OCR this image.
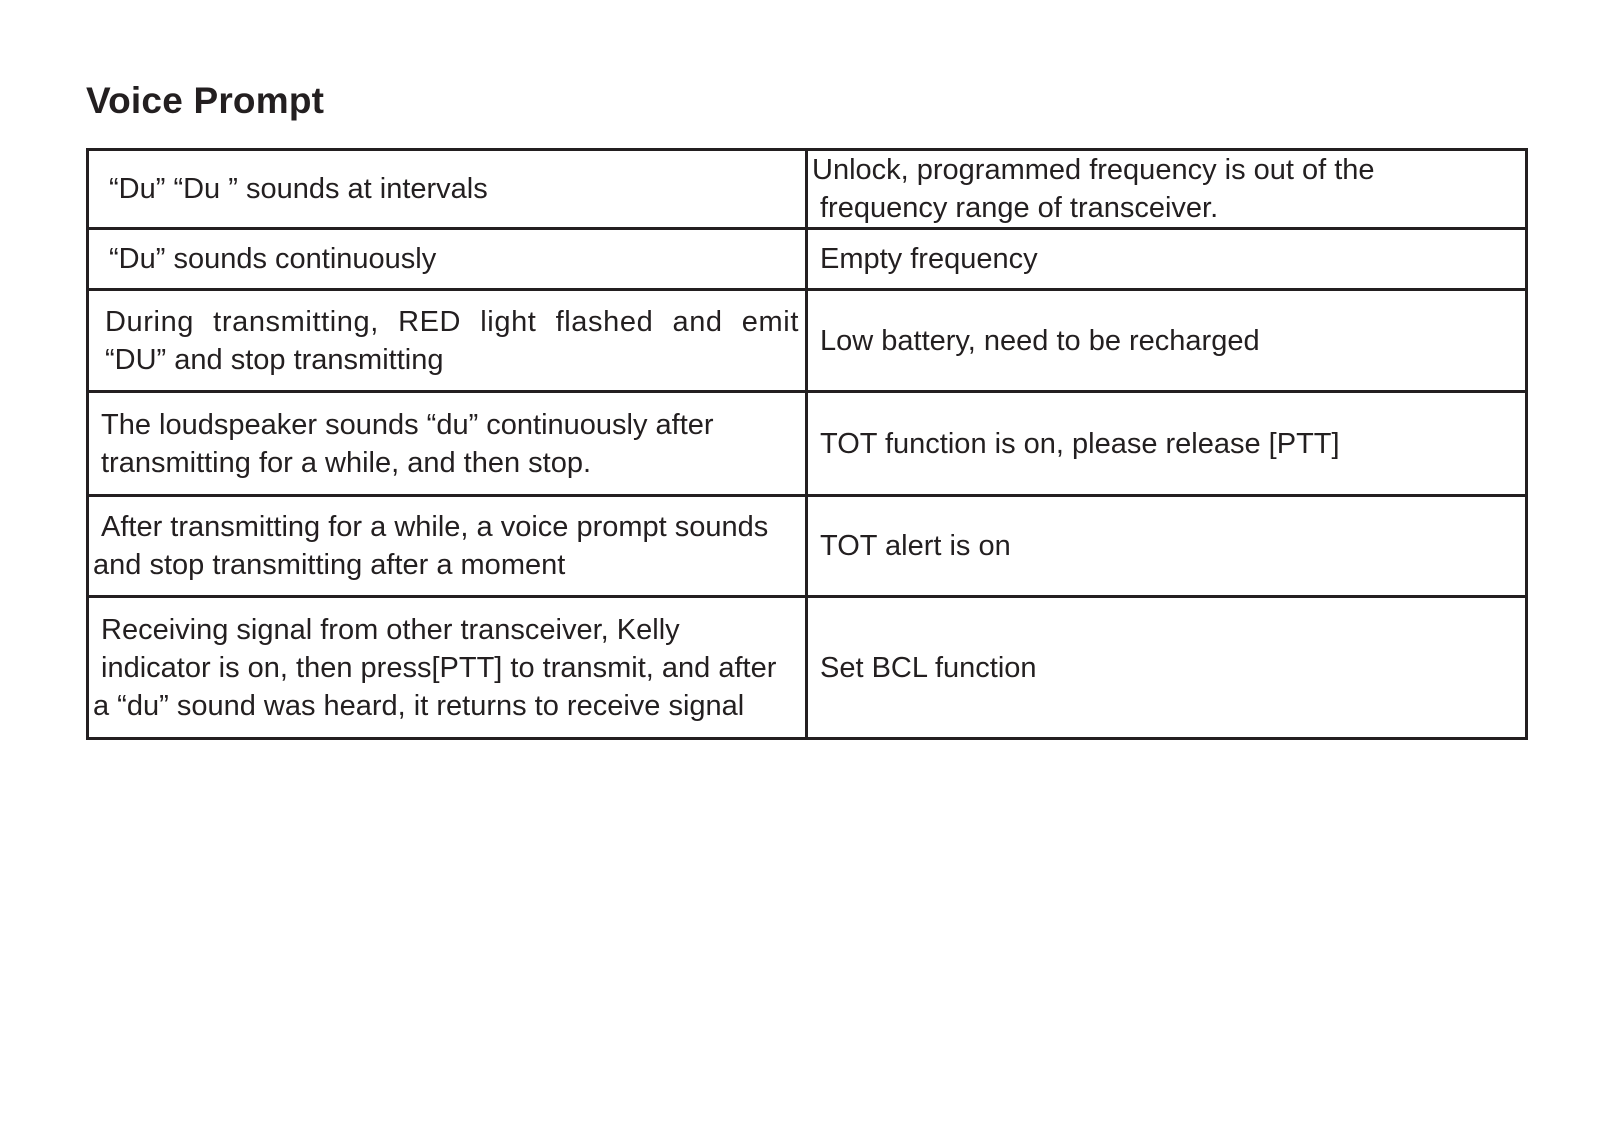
Voice Prompt
“Du” “Du ” sounds at intervals	Unlock, programmed frequency is out of the
frequency range of transceiver.

“Du” sounds continuously	Empty frequency

During transmitting, RED light flashed and emit
“DU” and stop transmitting	Low battery, need to be recharged

The loudspeaker sounds “du” continuously after
transmitting for a while, and then stop.	TOT function is on, please release [PTT]

After transmitting for a while, a voice prompt sounds
and stop transmitting after a moment	TOT alert is on

Receiving signal from other transceiver, Kelly
indicator is on, then press[PTT] to transmit, and after
a “du” sound was heard, it returns to receive signal	Set BCL function
